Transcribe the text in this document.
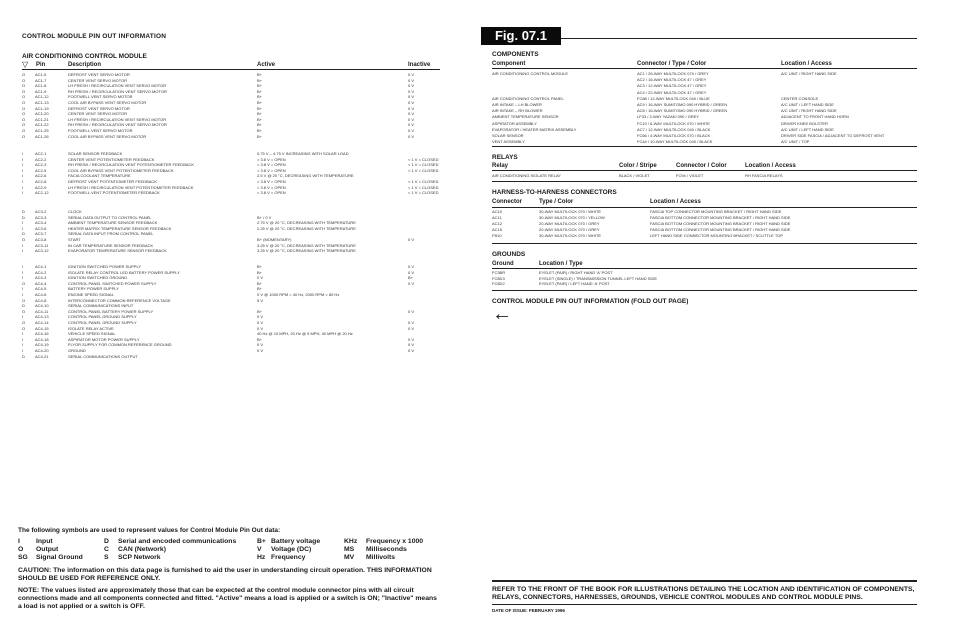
CONTROL MODULE PIN OUT INFORMATION
AIR CONDITIONING CONTROL MODULE
▽ Pin	Description	Active	Inactive
O AC1-5	DEFROST VENT SERVO MOTOR	B+	0 V
O AC1-7	CENTER VENT SERVO MOTOR	B+	0 V
O AC1-8	LH FRESH / RECIRCULATION VENT SERVO MOTOR	B+	0 V
O AC1-9	RH FRESH / RECIRCULATION VENT SERVO MOTOR	B+	0 V
O AC1-12	FOOTWELL VENT SERVO MOTOR	B+	0 V
O AC1-13	COOL AIR BYPASS VENT SERVO MOTOR	B+	0 V
O AC1-19	DEFROST VENT SERVO MOTOR	B+	0 V
O AC1-20	CENTER VENT SERVO MOTOR	B+	0 V
O AC1-21	LH FRESH / RECIRCULATION VENT SERVO MOTOR	B+	0 V
O AC1-22	RH FRESH / RECIRCULATION VENT SERVO MOTOR	B+	0 V
O AC1-25	FOOTWELL VENT SERVO MOTOR	B+	0 V
O AC1-26	COOL AIR BYPASS VENT SERVO MOTOR	B+	0 V
I	AC2-1	SOLAR SENSOR FEEDBACK	0.75 V – 4.75 V INCREASING WITH SOLAR LOAD
I	AC2-2	CENTER VENT POTENTIOMETER FEEDBACK	> 3.8 V = OPEN	< 1 V = CLOSED
I	AC2-3	RH FRESH / RECIRCULATION VENT POTENTIOMETER FEEDBACK	> 3.8 V = OPEN	< 1 V = CLOSED
I	AC2-5	COOL AIR BYPASS VENT POTENTIOMETER FEEDBACK	> 3.8 V = OPEN	< 1 V = CLOSED
I	AC2-6	FACIA COOLANT TEMPERATURE	2.5 V @ 20 °C, DECREASING WITH TEMPERATURE
I	AC2-8	DEFROST VENT POTENTIOMETER FEEDBACK	> 3.8 V = OPEN	< 1 V = CLOSED
I	AC2-9	LH FRESH / RECIRCULATION VENT POTENTIOMETER FEEDBACK	> 3.8 V = OPEN	< 1 V = CLOSED
I	AC2-12	FOOTWELL VENT POTENTIOMETER FEEDBACK	> 3.8 V = OPEN	< 1 V = CLOSED
D	AC3-2	CLOCK
D	AC3-3	SERIAL DATA OUTPUT TO CONTROL PANEL	B+ / 0 V
I	AC3-4	AMBIENT TEMPERATURE SENSOR FEEDBACK	2.75 V @ 20 °C, DECREASING WITH TEMPERATURE
I	AC3-6	HEATER MATRIX TEMPERATURE SENSOR FEEDBACK	2.25 V @ 20 °C, DECREASING WITH TEMPERATURE
D	AC3-7	SERIAL DATA INPUT FROM CONTROL PANEL
O AC3-8	START	B+ (MOMENTARY)	0 V
I	AC3-11	IN CAR TEMPERATURE SENSOR FEEDBACK	3.25 V @ 20 °C, DECREASING WITH TEMPERATURE
I	AC3-12	EVAPORATOR TEMPERATURE SENSOR FEEDBACK	3.25 V @ 20 °C, DECREASING WITH TEMPERATURE
I	AC4-1	IGNITION SWITCHED POWER SUPPLY	B+	0 V
I	AC4-2	ISOLATE RELAY CONTROL LED BATTERY POWER SUPPLY	B+	0 V
I	AC4-3	IGNITION SWITCHED GROUND	0 V	B+
O AC4-4	CONTROL PANEL SWITCHED POWER SUPPLY	B+	0 V
I	AC4-5	BATTERY POWER SUPPLY	B+
I	AC4-6	ENGINE SPEED SIGNAL	0 V @ 1000 RPM = 40 Hz, 2000 RPM = 80 Hz
O AC4-8	INTERCONNECTOR COMMON REFERENCE VOLTAGE	5 V
D	AC4-10	SERIAL COMMUNICATIONS INPUT
O AC4-11	CONTROL PANEL BATTERY POWER SUPPLY	B+	0 V
I	AC4-13	CONTROL PANEL GROUND SUPPLY	0 V
O AC4-14	CONTROL PANEL GROUND SUPPLY	0 V	0 V
O AC4-15	ISOLATE RELAY ACTIVE	0 V	0 V
I	AC4-16	VEHICLE SPEED SIGNAL	40 Hz @ 10 MPH, 20 Hz @ 5 MPH, 40 MPH @ 20 Hz
I	AC4-18	ASPIRATOR MOTOR POWER SUPPLY	B+	0 V
I	AC4-19	FLYOR SUPPLY FOR COMMON REFERENCE GROUND	0 V	0 V
I	AC4-20	GROUND	0 V	0 V
D	AC4-21	SERIAL COMMUNICATIONS OUTPUT
The following symbols are used to represent values for Control Module Pin Out data:
I Input
O Output
SG Signal Ground
D Serial and encoded communications
C CAN (Network)
S SCP Network
B+ Battery voltage
V Voltage (DC)
Hz Frequency
KHz Frequency x 1000
MS Milliseconds
MV Millivolts
CAUTION: The information on this data page is furnished to aid the user in understanding circuit operation. THIS INFORMATION SHOULD BE USED FOR REFERENCE ONLY.
NOTE: The values listed are approximately those that can be expected at the control module connector pins with all circuit connections made and all components connected and fitted. "Active" means a load is applied or a switch is ON; "Inactive" means a load is not applied or a switch is OFF.
Fig. 07.1
COMPONENTS
Component	Connector / Type / Color	Location / Access
AIR CONDITIONING CONTROL MODULE	AC1 / 26-WAY MULTILOCK 070 / GREY	A/C UNIT / RIGHT HAND SIDE
AC2 / 16-WAY MULTILOCK 47 / GREY
AC3 / 12-WAY MULTILOCK 47 / GREY
AC4 / 22-WAY MULTILOCK 47 / GREY
AIR CONDITIONING CONTROL PANEL	FC88 / 12-WAY MULTILOCK 040 / BLUE	CENTER CONSOLE
AIR INTAKE – LH BLOWER	AC9 / 16-WAY SUMITOMO 090 HYBRID / GREEN	A/C UNIT / LEFT HAND SIDE
AIR INTAKE – RH BLOWER	AC8 / 16-WAY SUMITOMO 090 HYBRID / GREEN	A/C UNIT / RIGHT HAND SIDE
AMBIENT TEMPERATURE SENSOR	LF33 / 2-WAY YAZAKI 090 / GREY	ADJACENT TO FRONT HAND HORN
ASPIRATOR ASSEMBLY	FC19 / 6-WAY MULTILOCK 070 / WHITE	DRIVER KNEE BOLSTER
EVAPORATOR / HEATER MATRIX ASSEMBLY	AC7 / 12-WAY MULTILOCK 040 / BLACK	A/C UNIT / LEFT HAND SIDE
SOLAR SENSOR	FC66 / 4-WAY MULTILOCK 070 / BLACK	DRIVER SIDE FASCIA / ADJACENT TO DEFROST VENT
VENT ASSEMBLY	FC44 / 10-WAY MULTILOCK 040 / BLACK	A/C UNIT / TOP
RELAYS
Relay	Color / Stripe	Connector / Color	Location / Access
AIR CONDITIONING ISOLATE RELAY	BLACK / VIOLET	FC94 / VIOLET	RH FASCIA RELAYS
HARNESS-TO-HARNESS CONNECTORS
Connector	Type / Color	Location / Access
AC10	30-WAY MULTILOCK 070 / WHITE	FASCIA TOP CONNECTOR MOUNTING BRACKET / RIGHT HAND SIDE
AC11	30-WAY MULTILOCK 070 / YELLOW	FASCIA BOTTOM CONNECTOR MOUNTING BRACKET / RIGHT HAND SIDE
AC12	20-WAY MULTILOCK 070 / GREY	FASCIA BOTTOM CONNECTOR MOUNTING BRACKET / RIGHT HAND SIDE
AC15	20-WAY MULTILOCK 070 / GREY	FASCIA BOTTOM CONNECTOR MOUNTING BRACKET / RIGHT HAND SIDE
FB10	30-WAY MULTILOCK 070 / WHITE	LEFT HAND SIDE CONNECTOR MOUNTING BRACKET / SCUTTLE TOP
GROUNDS
Ground	Location / Type
FC3BR	EYELET (PAIR) / RIGHT HAND 'A' POST
FC8D3	EYELET (SINGLE) / TRANSMISSION TUNNEL LEFT HAND SIDE
FC8D2	EYELET (PAIR) / LEFT HAND 'A' POST
CONTROL MODULE PIN OUT INFORMATION (FOLD OUT PAGE)
←
REFER TO THE FRONT OF THE BOOK FOR ILLUSTRATIONS DETAILING THE LOCATION AND IDENTIFICATION OF COMPONENTS, RELAYS, CONNECTORS, HARNESSES, GROUNDS, VEHICLE CONTROL MODULES AND CONTROL MODULE PINS.
DATE OF ISSUE: FEBRUARY 1996
